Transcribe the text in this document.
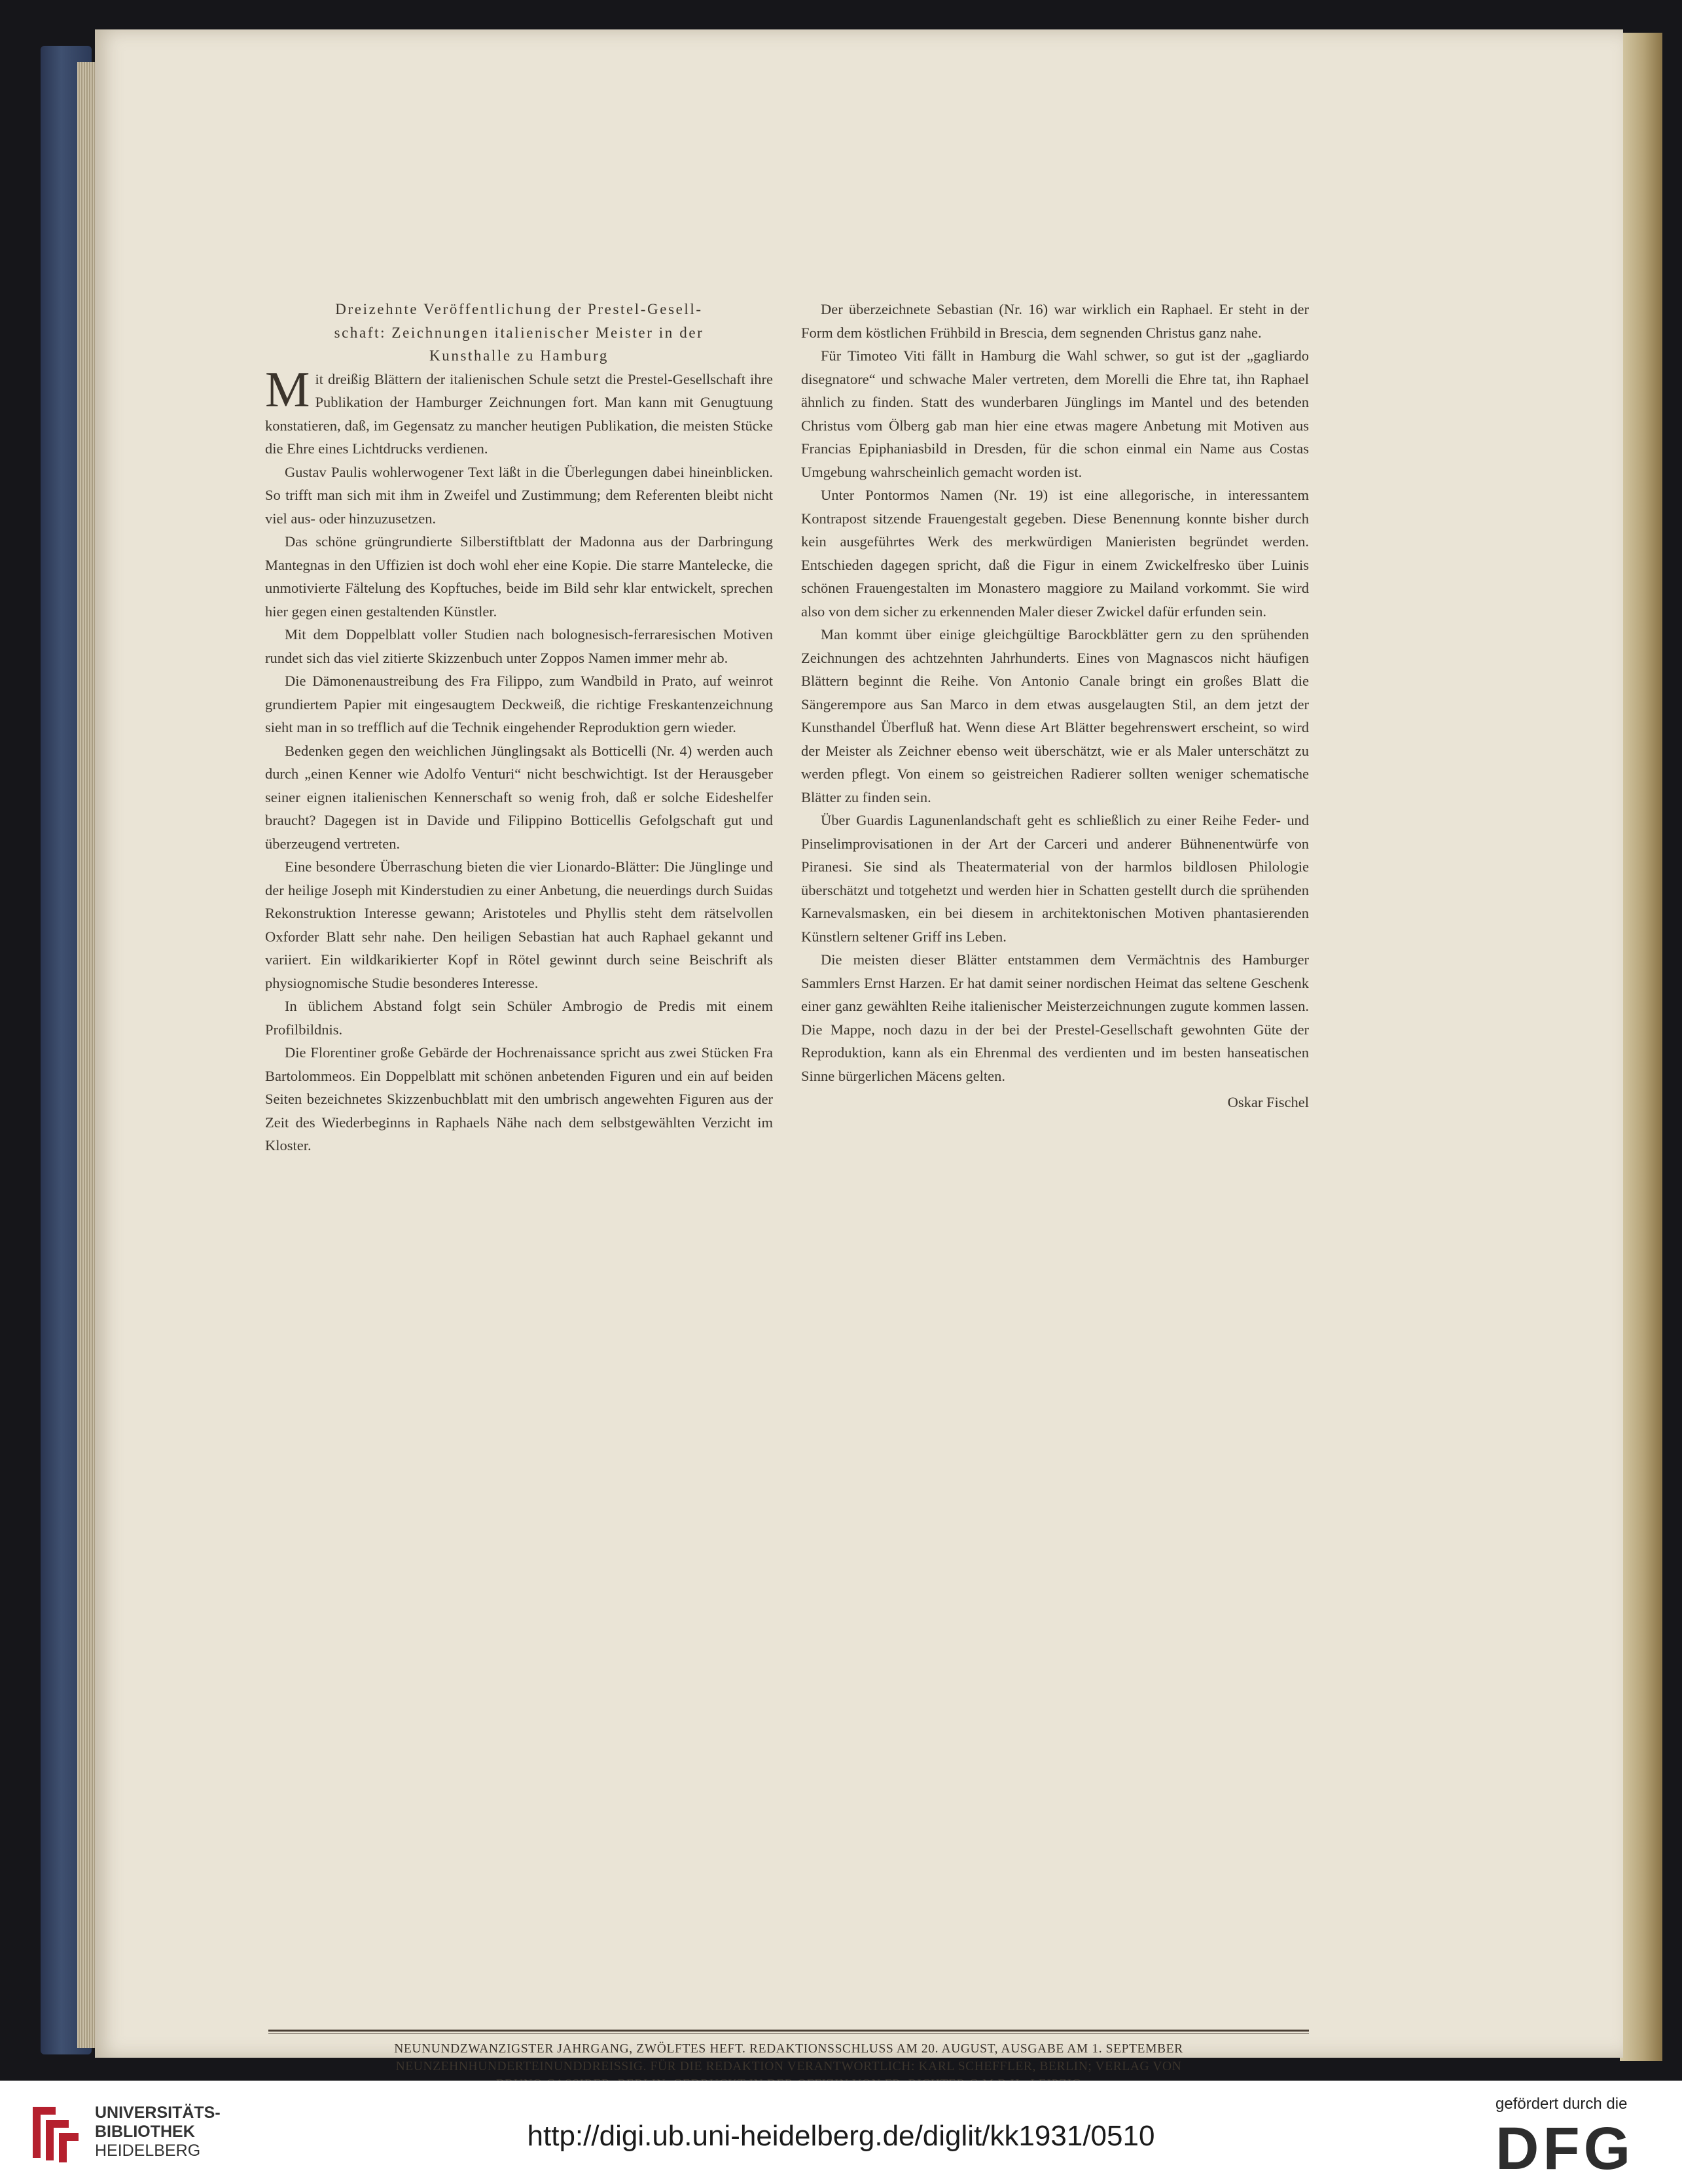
Dreizehnte Veröffentlichung der Prestel-Gesell-
schaft: Zeichnungen italienischer Meister in der
Kunsthalle zu Hamburg

Mit dreißig Blättern der italienischen Schule setzt die Prestel-Gesellschaft ihre Publikation der Hamburger Zeichnungen fort. Man kann mit Genugtuung konstatieren, daß, im Gegensatz zu mancher heutigen Publikation, die meisten Stücke die Ehre eines Lichtdrucks verdienen.

Gustav Paulis wohlerwogener Text läßt in die Überlegungen dabei hineinblicken. So trifft man sich mit ihm in Zweifel und Zustimmung; dem Referenten bleibt nicht viel aus- oder hinzuzusetzen.

Das schöne grüngrundierte Silberstiftblatt der Madonna aus der Darbringung Mantegnas in den Uffizien ist doch wohl eher eine Kopie. Die starre Mantelecke, die unmotivierte Fältelung des Kopftuches, beide im Bild sehr klar entwickelt, sprechen hier gegen einen gestaltenden Künstler.

Mit dem Doppelblatt voller Studien nach bolognesisch-ferraresischen Motiven rundet sich das viel zitierte Skizzenbuch unter Zoppos Namen immer mehr ab.

Die Dämonenaustreibung des Fra Filippo, zum Wandbild in Prato, auf weinrot grundiertem Papier mit eingesaugtem Deckweiß, die richtige Freskantenzeichnung sieht man in so trefflich auf die Technik eingehender Reproduktion gern wieder.

Bedenken gegen den weichlichen Jünglingsakt als Botticelli (Nr. 4) werden auch durch „einen Kenner wie Adolfo Venturi“ nicht beschwichtigt. Ist der Herausgeber seiner eignen italienischen Kennerschaft so wenig froh, daß er solche Eideshelfer braucht? Dagegen ist in Davide und Filippino Botticellis Gefolgschaft gut und überzeugend vertreten.

Eine besondere Überraschung bieten die vier Lionardo-Blätter: Die Jünglinge und der heilige Joseph mit Kinderstudien zu einer Anbetung, die neuerdings durch Suidas Rekonstruktion Interesse gewann; Aristoteles und Phyllis steht dem rätselvollen Oxforder Blatt sehr nahe. Den heiligen Sebastian hat auch Raphael gekannt und variiert. Ein wildkarikierter Kopf in Rötel gewinnt durch seine Beischrift als physiognomische Studie besonderes Interesse.

In üblichem Abstand folgt sein Schüler Ambrogio de Predis mit einem Profilbildnis.

Die Florentiner große Gebärde der Hochrenaissance spricht aus zwei Stücken Fra Bartolommeos. Ein Doppelblatt mit schönen anbetenden Figuren und ein auf beiden Seiten bezeichnetes Skizzenbuchblatt mit den umbrisch angewehten Figuren aus der Zeit des Wiederbeginns in Raphaels Nähe nach dem selbstgewählten Verzicht im Kloster.

Der überzeichnete Sebastian (Nr. 16) war wirklich ein Raphael. Er steht in der Form dem köstlichen Frühbild in Brescia, dem segnenden Christus ganz nahe.

Für Timoteo Viti fällt in Hamburg die Wahl schwer, so gut ist der „gagliardo disegnatore“ und schwache Maler vertreten, dem Morelli die Ehre tat, ihn Raphael ähnlich zu finden. Statt des wunderbaren Jünglings im Mantel und des betenden Christus vom Ölberg gab man hier eine etwas magere Anbetung mit Motiven aus Francias Epiphaniasbild in Dresden, für die schon einmal ein Name aus Costas Umgebung wahrscheinlich gemacht worden ist.

Unter Pontormos Namen (Nr. 19) ist eine allegorische, in interessantem Kontrapost sitzende Frauengestalt gegeben. Diese Benennung konnte bisher durch kein ausgeführtes Werk des merkwürdigen Manieristen begründet werden. Entschieden dagegen spricht, daß die Figur in einem Zwickelfresko über Luinis schönen Frauengestalten im Monastero maggiore zu Mailand vorkommt. Sie wird also von dem sicher zu erkennenden Maler dieser Zwickel dafür erfunden sein.

Man kommt über einige gleichgültige Barockblätter gern zu den sprühenden Zeichnungen des achtzehnten Jahrhunderts. Eines von Magnascos nicht häufigen Blättern beginnt die Reihe. Von Antonio Canale bringt ein großes Blatt die Sängerempore aus San Marco in dem etwas ausgelaugten Stil, an dem jetzt der Kunsthandel Überfluß hat. Wenn diese Art Blätter begehrenswert erscheint, so wird der Meister als Zeichner ebenso weit überschätzt, wie er als Maler unterschätzt zu werden pflegt. Von einem so geistreichen Radierer sollten weniger schematische Blätter zu finden sein.

Über Guardis Lagunenlandschaft geht es schließlich zu einer Reihe Feder- und Pinselimprovisationen in der Art der Carceri und anderer Bühnenentwürfe von Piranesi. Sie sind als Theatermaterial von der harmlos bildlosen Philologie überschätzt und totgehetzt und werden hier in Schatten gestellt durch die sprühenden Karnevalsmasken, ein bei diesem in architektonischen Motiven phantasierenden Künstlern seltener Griff ins Leben.

Die meisten dieser Blätter entstammen dem Vermächtnis des Hamburger Sammlers Ernst Harzen. Er hat damit seiner nordischen Heimat das seltene Geschenk einer ganz gewählten Reihe italienischer Meisterzeichnungen zugute kommen lassen. Die Mappe, noch dazu in der bei der Prestel-Gesellschaft gewohnten Güte der Reproduktion, kann als ein Ehrenmal des verdienten und im besten hanseatischen Sinne bürgerlichen Mäcens gelten.

Oskar Fischel
NEUNUNDZWANZIGSTER JAHRGANG, ZWÖLFTES HEFT. REDAKTIONSSCHLUSS AM 20. AUGUST, AUSGABE AM 1. SEPTEMBER
NEUNZEHNHUNDERTEINUNDDREISSIG. FÜR DIE REDAKTION VERANTWORTLICH: KARL SCHEFFLER, BERLIN; VERLAG VON
UNIVERSITÄTS-
BIBLIOTHEK
HEIDELBERG	http://digi.ub.uni-heidelberg.de/diglit/kk1931/0510
gefördert durch die
DFG
